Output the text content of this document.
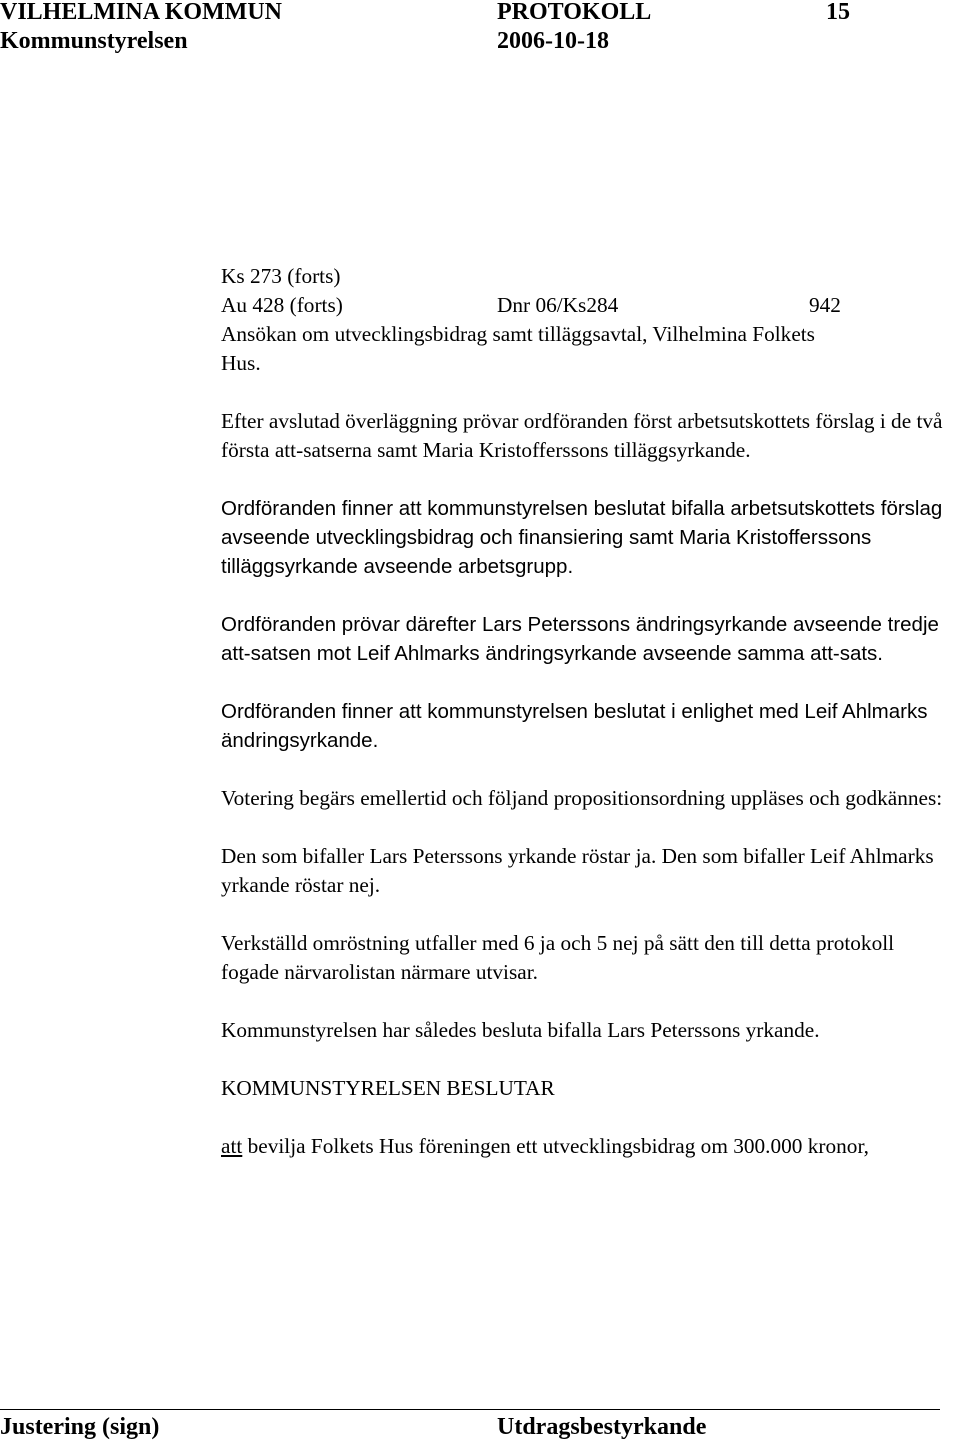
VILHELMINA KOMMUN	PROTOKOLL	15
Kommunstyrelsen	2006-10-18
Ks 273 (forts)
Au 428 (forts)	Dnr 06/Ks284	942

Ansökan om utvecklingsbidrag samt tilläggsavtal, Vilhelmina Folkets

Hus.

Efter avslutad överläggning prövar ordföranden först arbetsutskottets förslag i de två första att-satserna samt Maria Kristofferssons tilläggsyrkande.

Ordföranden finner att kommunstyrelsen beslutat bifalla arbetsutskottets förslag avseende utvecklingsbidrag och finansiering samt Maria Kristofferssons tilläggsyrkande avseende arbetsgrupp.

Ordföranden prövar därefter Lars Peterssons ändringsyrkande avseende tredje att-satsen mot Leif Ahlmarks ändringsyrkande avseende samma att-sats.

Ordföranden finner att kommunstyrelsen beslutat i enlighet med Leif Ahlmarks ändringsyrkande.

Votering begärs emellertid och följand propositionsordning uppläses och godkännes:

Den som bifaller Lars Peterssons yrkande röstar ja. Den som bifaller Leif Ahlmarks yrkande röstar nej.

Verkställd omröstning utfaller med 6 ja och 5 nej på sätt den till detta protokoll fogade närvarolistan närmare utvisar.

Kommunstyrelsen har således besluta bifalla Lars Peterssons yrkande.

KOMMUNSTYRELSEN BESLUTAR

att bevilja Folkets Hus föreningen ett utvecklingsbidrag om 300.000 kronor,

Justering (sign)	Utdragsbestyrkande
